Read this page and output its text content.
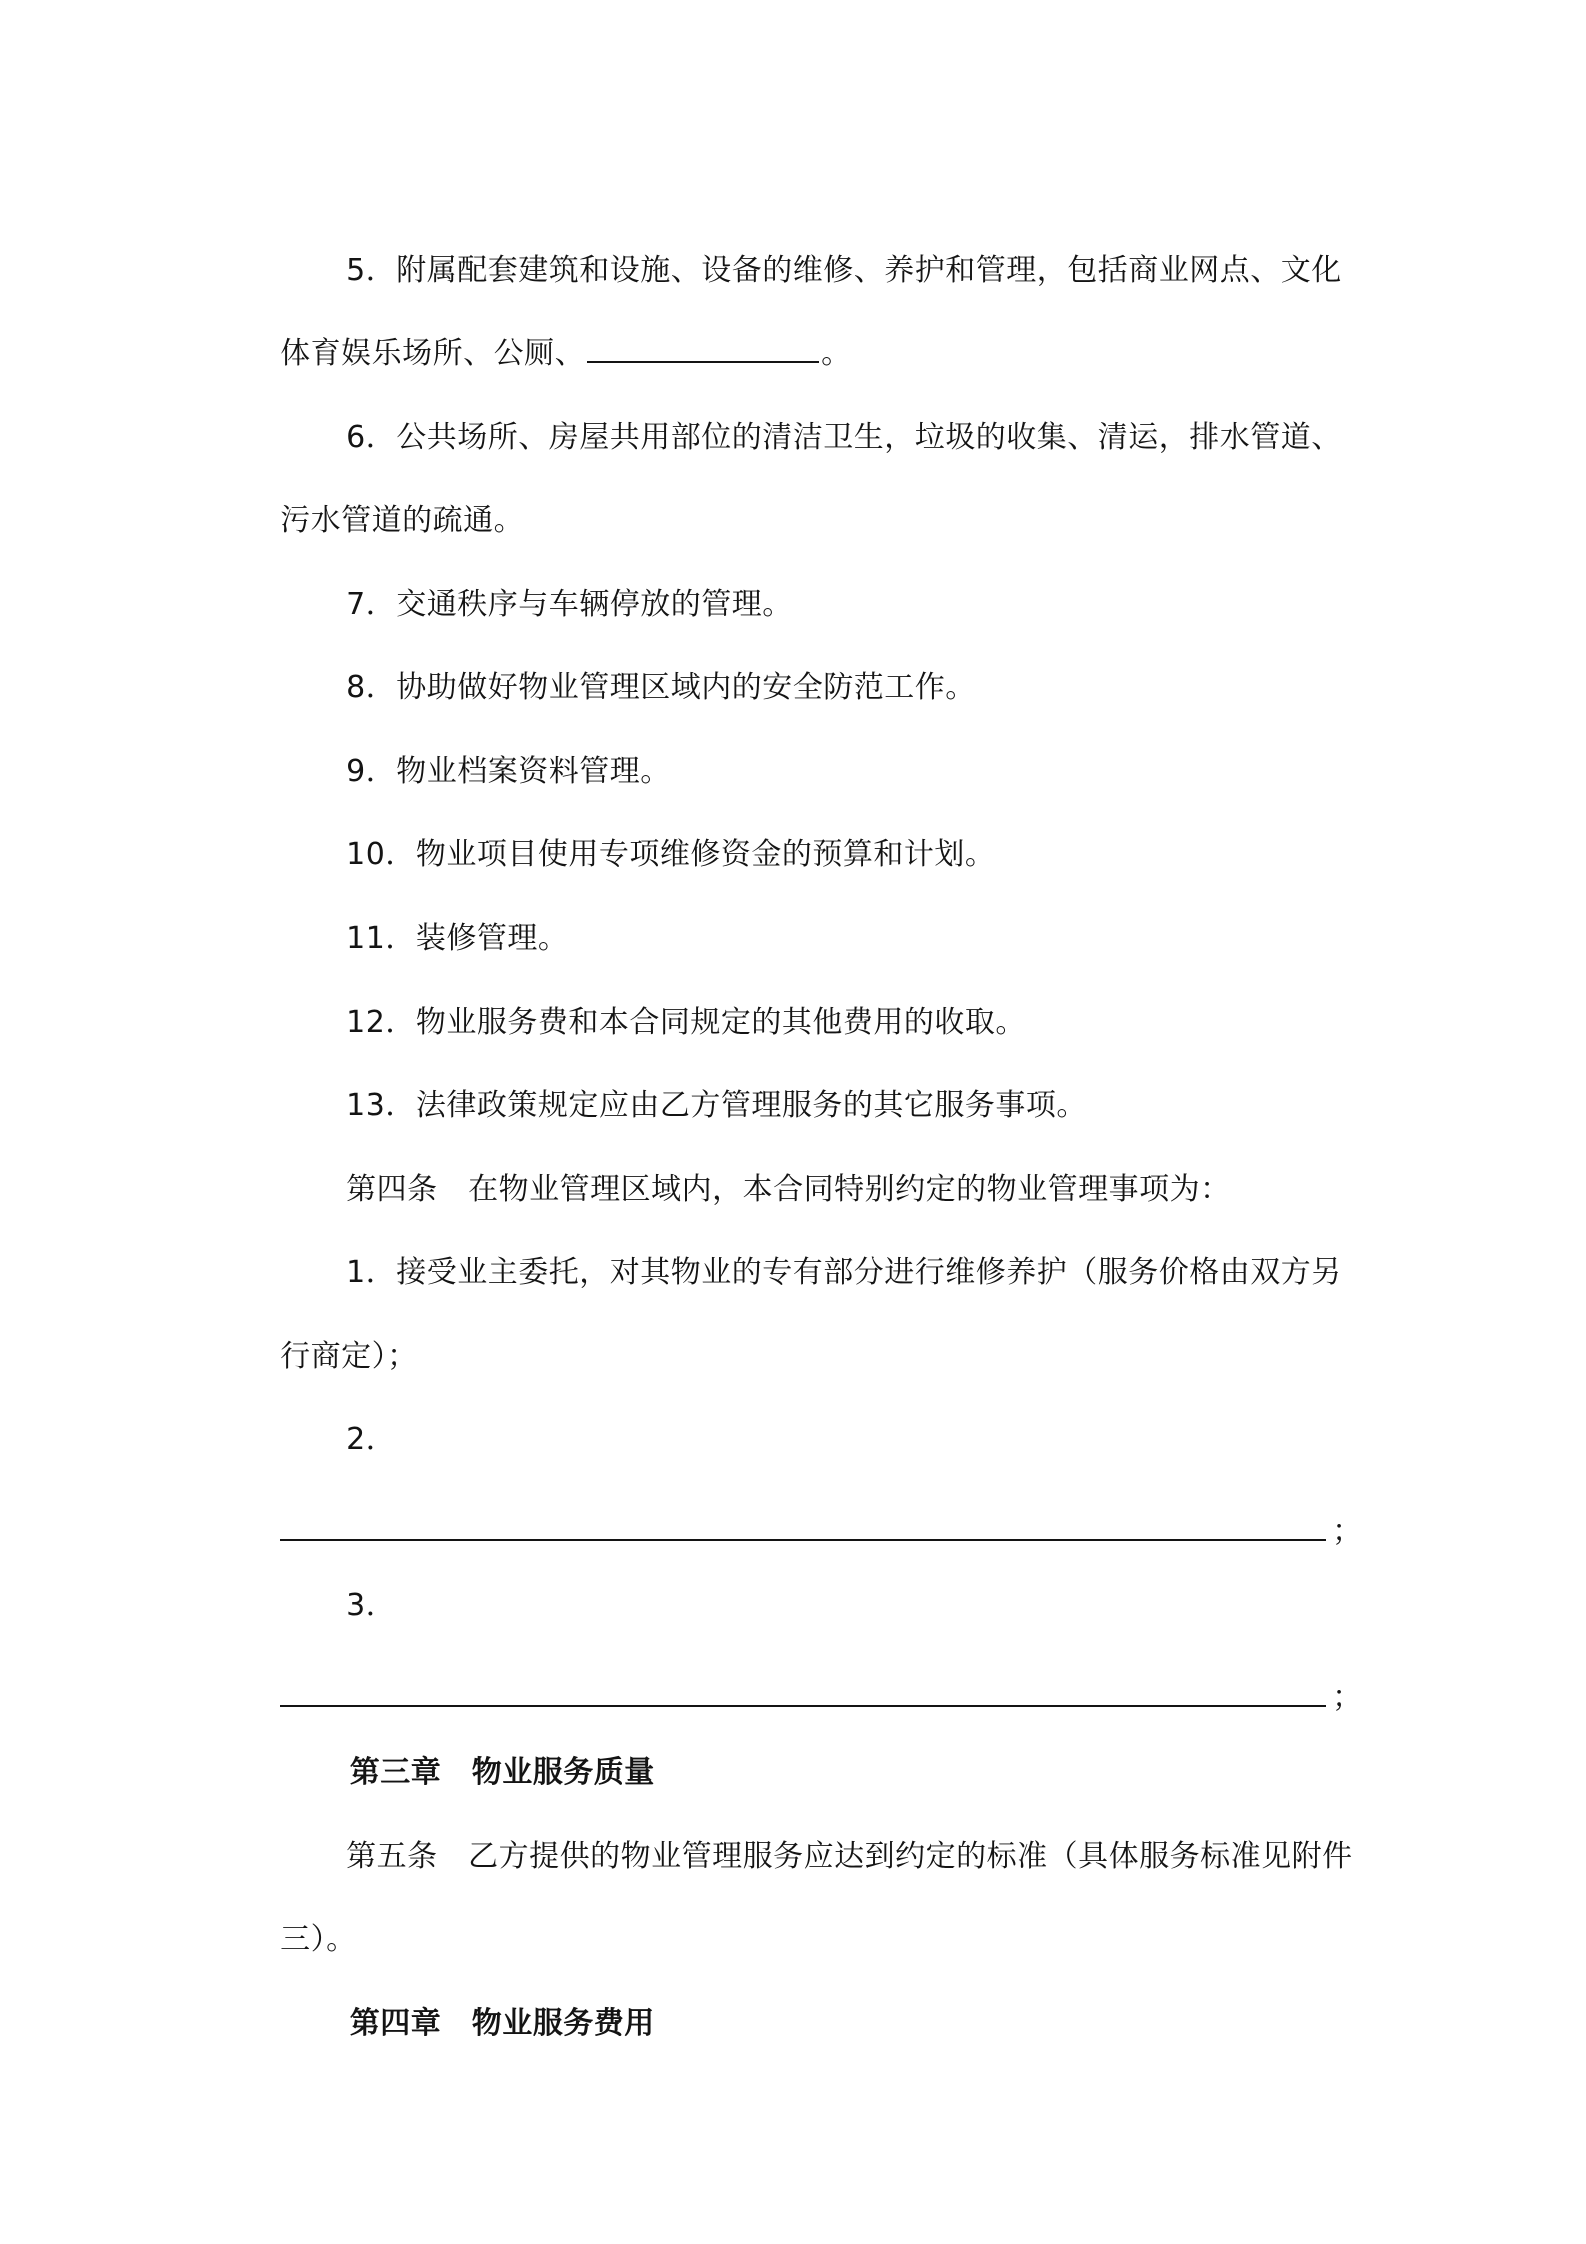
5．附属配套建筑和设施、设备的维修、养护和管理，包括商业网点、文化

体育娱乐场所、公厕、	。

6．公共场所、房屋共用部位的清洁卫生，垃圾的收集、清运，排水管道、

污水管道的疏通。

7．交通秩序与车辆停放的管理。

8．协助做好物业管理区域内的安全防范工作。

9．物业档案资料管理。

10．物业项目使用专项维修资金的预算和计划。

11．装修管理。

12．物业服务费和本合同规定的其他费用的收取。

13．法律政策规定应由乙方管理服务的其它服务事项。

第四条　在物业管理区域内，本合同特别约定的物业管理事项为：

1．接受业主委托，对其物业的专有部分进行维修养护（服务价格由双方另

行商定）；

2．

；

3．

；

第三章　物业服务质量

第五条　乙方提供的物业管理服务应达到约定的标准（具体服务标准见附件

三）。

第四章　物业服务费用
